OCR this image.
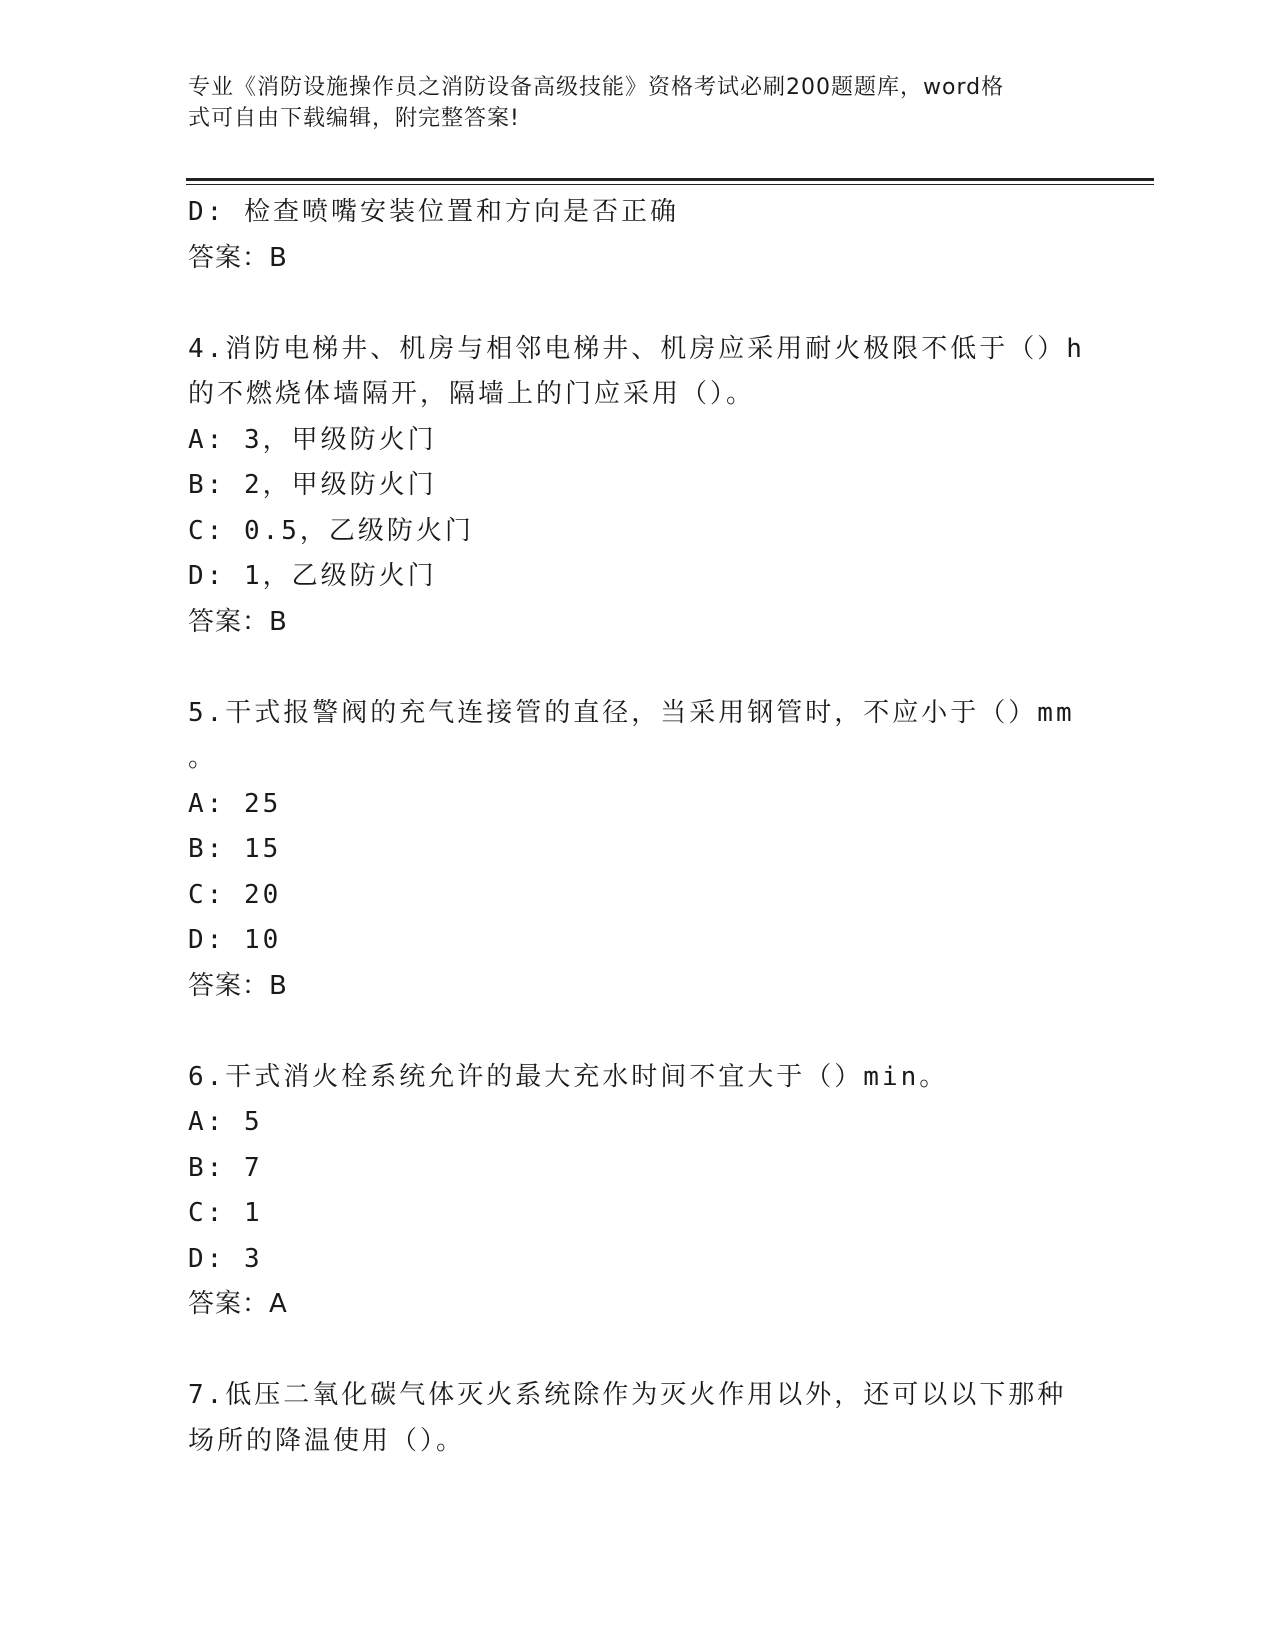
专业《消防设施操作员之消防设备高级技能》资格考试必刷200题题库，word格
式可自由下载编辑，附完整答案!
D: 检查喷嘴安装位置和方向是否正确
答案：B
4.消防电梯井、机房与相邻电梯井、机房应采用耐火极限不低于（）h
的不燃烧体墙隔开，隔墙上的门应采用（）。
A: 3，甲级防火门
B: 2，甲级防火门
C: 0.5，乙级防火门
D: 1，乙级防火门
答案：B
5.干式报警阀的充气连接管的直径，当采用钢管时，不应小于（）mm
。
A: 25
B: 15
C: 20
D: 10
答案：B
6.干式消火栓系统允许的最大充水时间不宜大于（）min。
A: 5
B: 7
C: 1
D: 3
答案：A
7.低压二氧化碳气体灭火系统除作为灭火作用以外，还可以以下那种
场所的降温使用（）。
